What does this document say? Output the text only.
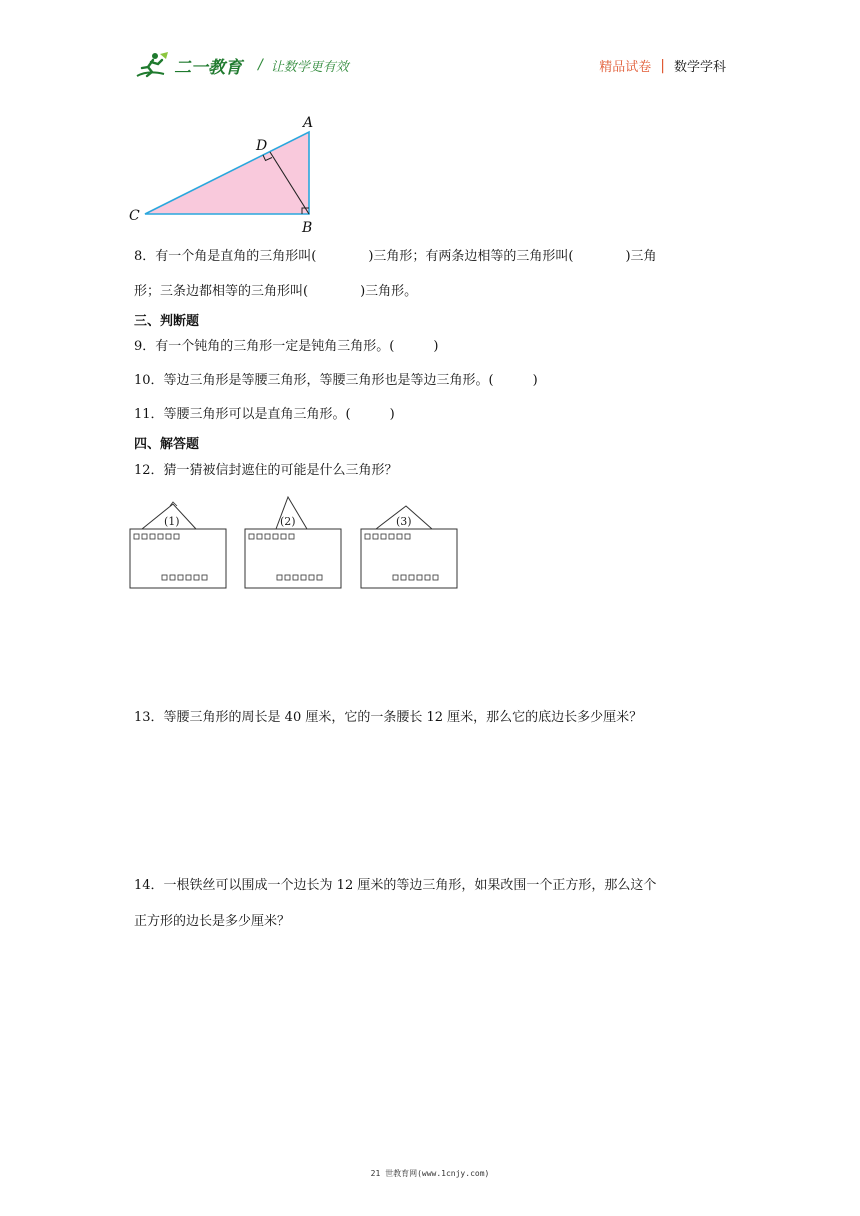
二一教育 / 让数学更有效	精品试卷 | 数学学科
A
D
C
B
8．有一个角是直角的三角形叫(　　　　)三角形；有两条边相等的三角形叫(　　　　)三角
形；三条边都相等的三角形叫(　　　　)三角形。
三、判断题
9．有一个钝角的三角形一定是钝角三角形。(　　　)
10．等边三角形是等腰三角形，等腰三角形也是等边三角形。(　　　)
11．等腰三角形可以是直角三角形。(　　　)
四、解答题
12．猜一猜被信封遮住的可能是什么三角形？
(1)	(2)	(3)
13．等腰三角形的周长是 40 厘米，它的一条腰长 12 厘米，那么它的底边长多少厘米？
14．一根铁丝可以围成一个边长为 12 厘米的等边三角形，如果改围一个正方形，那么这个
正方形的边长是多少厘米？
21 世教育网(www.1cnjy.com)
